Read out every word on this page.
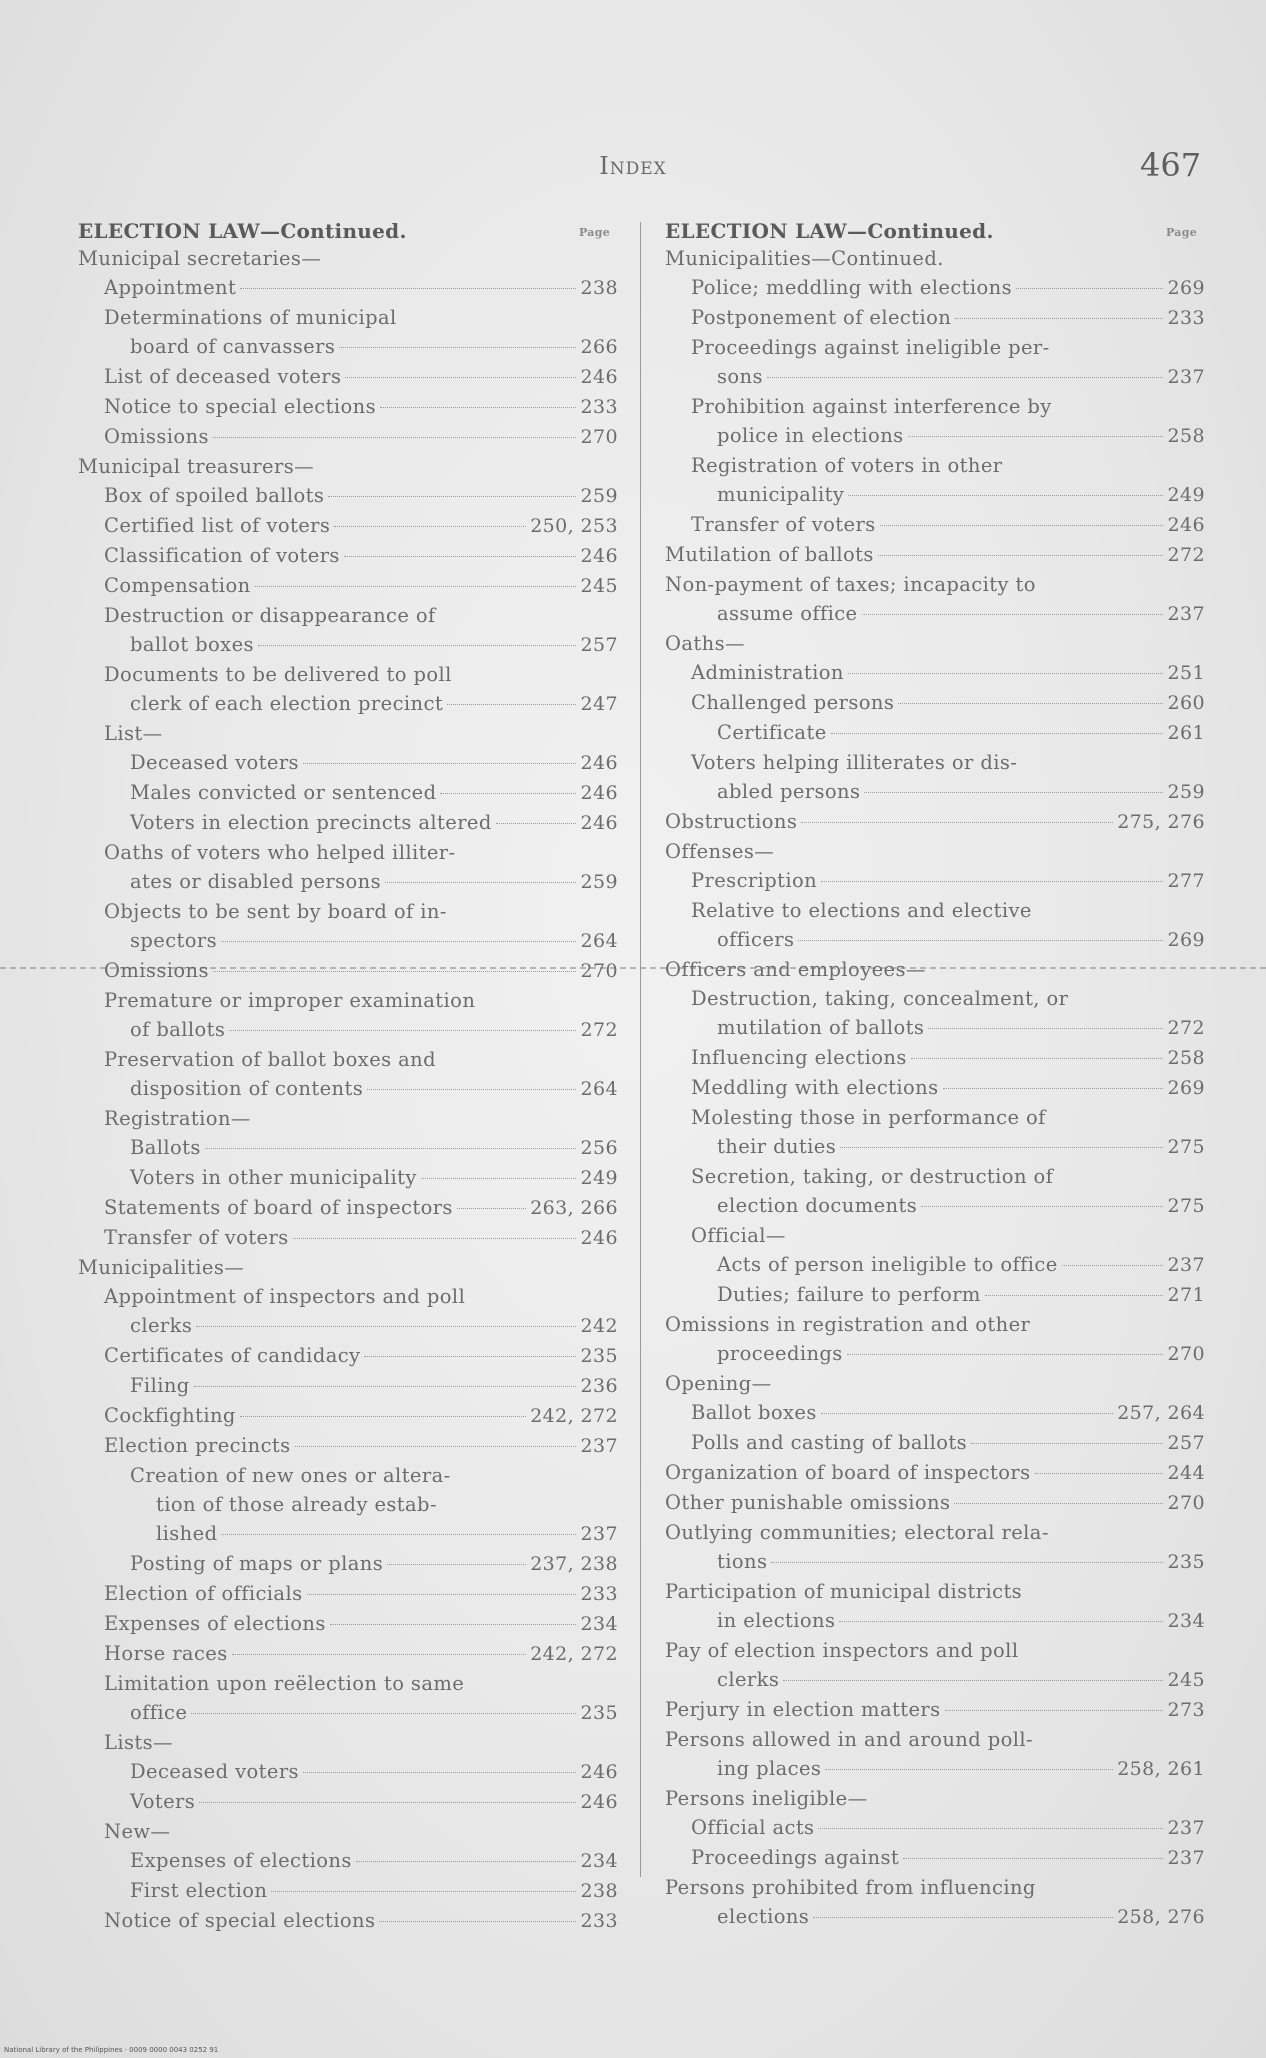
Index	467
ELECTION LAW—Continued.	Page
Municipal secretaries—
Appointment	238
Determinations of municipal
board of canvassers	266
List of deceased voters	246
Notice to special elections	233
Omissions	270
Municipal treasurers—
Box of spoiled ballots	259
Certified list of voters	250, 253
Classification of voters	246
Compensation	245
Destruction or disappearance of
ballot boxes	257
Documents to be delivered to poll
clerk of each election precinct	247
List—
Deceased voters	246
Males convicted or sentenced	246
Voters in election precincts altered	246
Oaths of voters who helped illiter-
ates or disabled persons	259
Objects to be sent by board of in-
spectors	264
Omissions	270
Premature or improper examination
of ballots	272
Preservation of ballot boxes and
disposition of contents	264
Registration—
Ballots	256
Voters in other municipality	249
Statements of board of inspectors	263, 266
Transfer of voters	246
Municipalities—
Appointment of inspectors and poll
clerks	242
Certificates of candidacy	235
Filing	236
Cockfighting	242, 272
Election precincts	237
Creation of new ones or altera-
tion of those already estab-
lished	237
Posting of maps or plans	237, 238
Election of officials	233
Expenses of elections	234
Horse races	242, 272
Limitation upon reëlection to same
office	235
Lists—
Deceased voters	246
Voters	246
New—
Expenses of elections	234
First election	238
Notice of special elections	233
ELECTION LAW—Continued.	Page
Municipalities—Continued.
Police; meddling with elections	269
Postponement of election	233
Proceedings against ineligible per-
sons	237
Prohibition against interference by
police in elections	258
Registration of voters in other
municipality	249
Transfer of voters	246
Mutilation of ballots	272
Non-payment of taxes; incapacity to
assume office	237
Oaths—
Administration	251
Challenged persons	260
Certificate	261
Voters helping illiterates or dis-
abled persons	259
Obstructions	275, 276
Offenses—
Prescription	277
Relative to elections and elective
officers	269
Officers and employees—
Destruction, taking, concealment, or
mutilation of ballots	272
Influencing elections	258
Meddling with elections	269
Molesting those in performance of
their duties	275
Secretion, taking, or destruction of
election documents	275
Official—
Acts of person ineligible to office	237
Duties; failure to perform	271
Omissions in registration and other
proceedings	270
Opening—
Ballot boxes	257, 264
Polls and casting of ballots	257
Organization of board of inspectors	244
Other punishable omissions	270
Outlying communities; electoral rela-
tions	235
Participation of municipal districts
in elections	234
Pay of election inspectors and poll
clerks	245
Perjury in election matters	273
Persons allowed in and around poll-
ing places	258, 261
Persons ineligible—
Official acts	237
Proceedings against	237
Persons prohibited from influencing
elections	258, 276
National Library of the Philippines · 0009 0000 0043 0252 91
